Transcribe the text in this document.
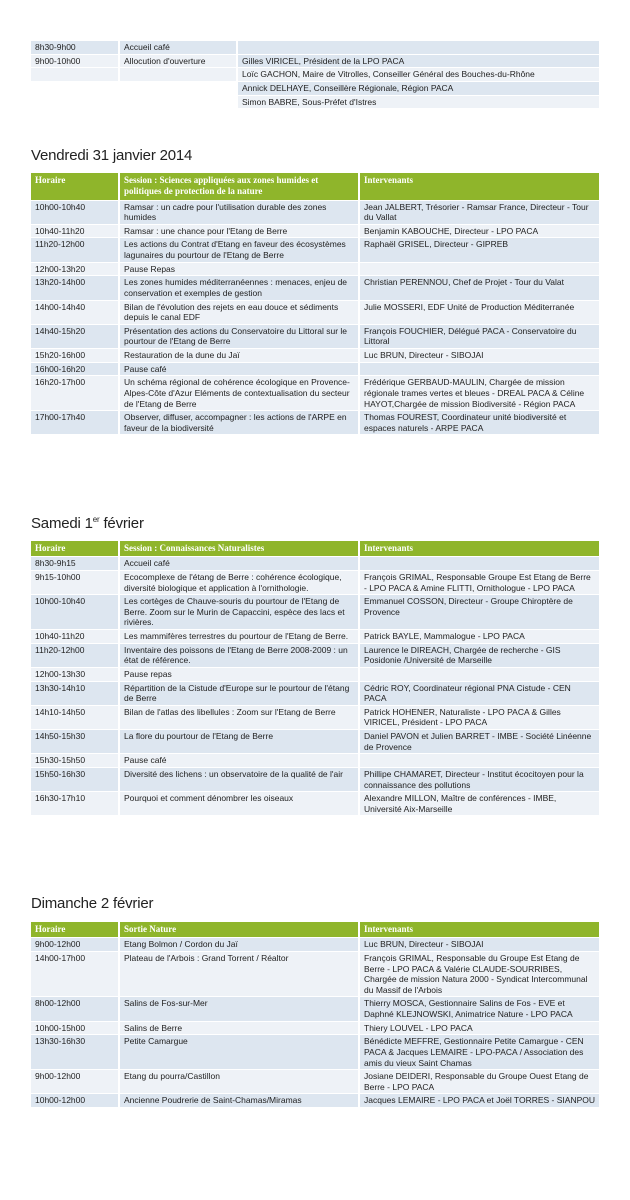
8h30-9h00	Accueil café	
9h00-10h00	Allocution d'ouverture	Gilles VIRICEL, Président de la LPO PACA
		Loïc GACHON, Maire de Vitrolles, Conseiller Général des Bouches-du-Rhône
		Annick DELHAYE, Conseillère Régionale, Région PACA
		Simon BABRE, Sous-Préfet d'Istres
Vendredi 31 janvier 2014
Horaire	Session : Sciences appliquées aux zones humides et politiques de protection de la nature	Intervenants
10h00-10h40	Ramsar : un cadre pour l'utilisation durable des zones humides	Jean JALBERT, Trésorier - Ramsar France, Directeur - Tour du Vallat
10h40-11h20	Ramsar : une chance pour l'Etang de Berre	Benjamin KABOUCHE, Directeur - LPO PACA
11h20-12h00	Les actions du Contrat d'Etang en faveur des écosystèmes lagunaires du pourtour de l'Etang de Berre	Raphaël GRISEL, Directeur - GIPREB
12h00-13h20	Pause Repas	
13h20-14h00	Les zones humides méditerranéennes : menaces, enjeu de conservation et exemples de gestion	Christian PERENNOU, Chef de Projet - Tour du Valat
14h00-14h40	Bilan de l'évolution des rejets en eau douce et sédiments depuis le canal EDF	Julie MOSSERI, EDF Unité de Production Méditerranée
14h40-15h20	Présentation des actions du Conservatoire du Littoral sur le pourtour de l'Etang de Berre	François FOUCHIER, Délégué PACA - Conservatoire du Littoral
15h20-16h00	Restauration de la dune du Jaï	Luc BRUN, Directeur - SIBOJAI
16h00-16h20	Pause café	
16h20-17h00	Un schéma régional de cohérence écologique en Provence-Alpes-Côte d'Azur Eléments de contextualisation du secteur de l'Etang de Berre	Frédérique GERBAUD-MAULIN, Chargée de mission régionale trames vertes et bleues - DREAL PACA & Céline HAYOT,Chargée de mission Biodiversité - Région PACA
17h00-17h40	Observer, diffuser, accompagner : les actions de l'ARPE en faveur de la biodiversité	Thomas FOUREST, Coordinateur unité biodiversité et espaces naturels - ARPE PACA
Samedi 1er février
Horaire	Session : Connaissances Naturalistes	Intervenants
8h30-9h15	Accueil café	
9h15-10h00	Ecocomplexe de l'étang de Berre : cohérence écologique, diversité biologique et application à l'ornithologie.	François GRIMAL, Responsable Groupe Est Etang de Berre - LPO PACA & Amine FLITTI, Ornithologue - LPO PACA
10h00-10h40	Les cortèges de Chauve-souris du pourtour de l'Etang de Berre. Zoom sur le Murin de Capaccini, espèce des lacs et rivières.	Emmanuel COSSON, Directeur - Groupe Chiroptère de Provence
10h40-11h20	Les mammifères terrestres du pourtour de l'Etang de Berre.	Patrick BAYLE, Mammalogue - LPO PACA
11h20-12h00	Inventaire des poissons de l'Etang de Berre 2008-2009 : un état de référence.	Laurence le DIREACH, Chargée de recherche - GIS Posidonie /Université de Marseille
12h00-13h30	Pause repas	
13h30-14h10	Répartition de la Cistude d'Europe sur le pourtour de l'étang de Berre	Cédric ROY, Coordinateur régional PNA Cistude - CEN PACA
14h10-14h50	Bilan de l'atlas des libellules : Zoom sur l'Etang de Berre	Patrick HOHENER, Naturaliste - LPO PACA & Gilles VIRICEL, Président - LPO PACA
14h50-15h30	La flore du pourtour de l'Etang de Berre	Daniel PAVON et Julien BARRET - IMBE - Société Linéenne de Provence
15h30-15h50	Pause café	
15h50-16h30	Diversité des lichens : un observatoire de la qualité de l'air	Phillipe CHAMARET, Directeur - Institut écocitoyen pour la connaissance des pollutions
16h30-17h10	Pourquoi et comment dénombrer les oiseaux	Alexandre MILLON, Maître de conférences - IMBE, Université Aix-Marseille
Dimanche 2 février
Horaire	Sortie Nature	Intervenants
9h00-12h00	Etang Bolmon / Cordon du Jaï	Luc BRUN, Directeur - SIBOJAI
14h00-17h00	Plateau de l'Arbois : Grand Torrent / Réaltor	François GRIMAL, Responsable du Groupe Est Etang de Berre - LPO PACA & Valérie CLAUDE-SOURRIBES, Chargée de mission Natura 2000 - Syndicat Intercommunal du Massif de l'Arbois
8h00-12h00	Salins de Fos-sur-Mer	Thierry MOSCA, Gestionnaire Salins de Fos - EVE et Daphné KLEJNOWSKI, Animatrice Nature - LPO PACA
10h00-15h00	Salins de Berre	Thiery LOUVEL - LPO PACA
13h30-16h30	Petite Camargue	Bénédicte MEFFRE, Gestionnaire Petite Camargue - CEN PACA & Jacques LEMAIRE - LPO-PACA / Association des amis du vieux Saint Chamas
9h00-12h00	Etang du pourra/Castillon	Josiane DEIDERI, Responsable du Groupe Ouest Etang de Berre - LPO PACA
10h00-12h00	Ancienne Poudrerie de Saint-Chamas/Miramas	Jacques LEMAIRE - LPO PACA et Joël TORRES - SIANPOU
